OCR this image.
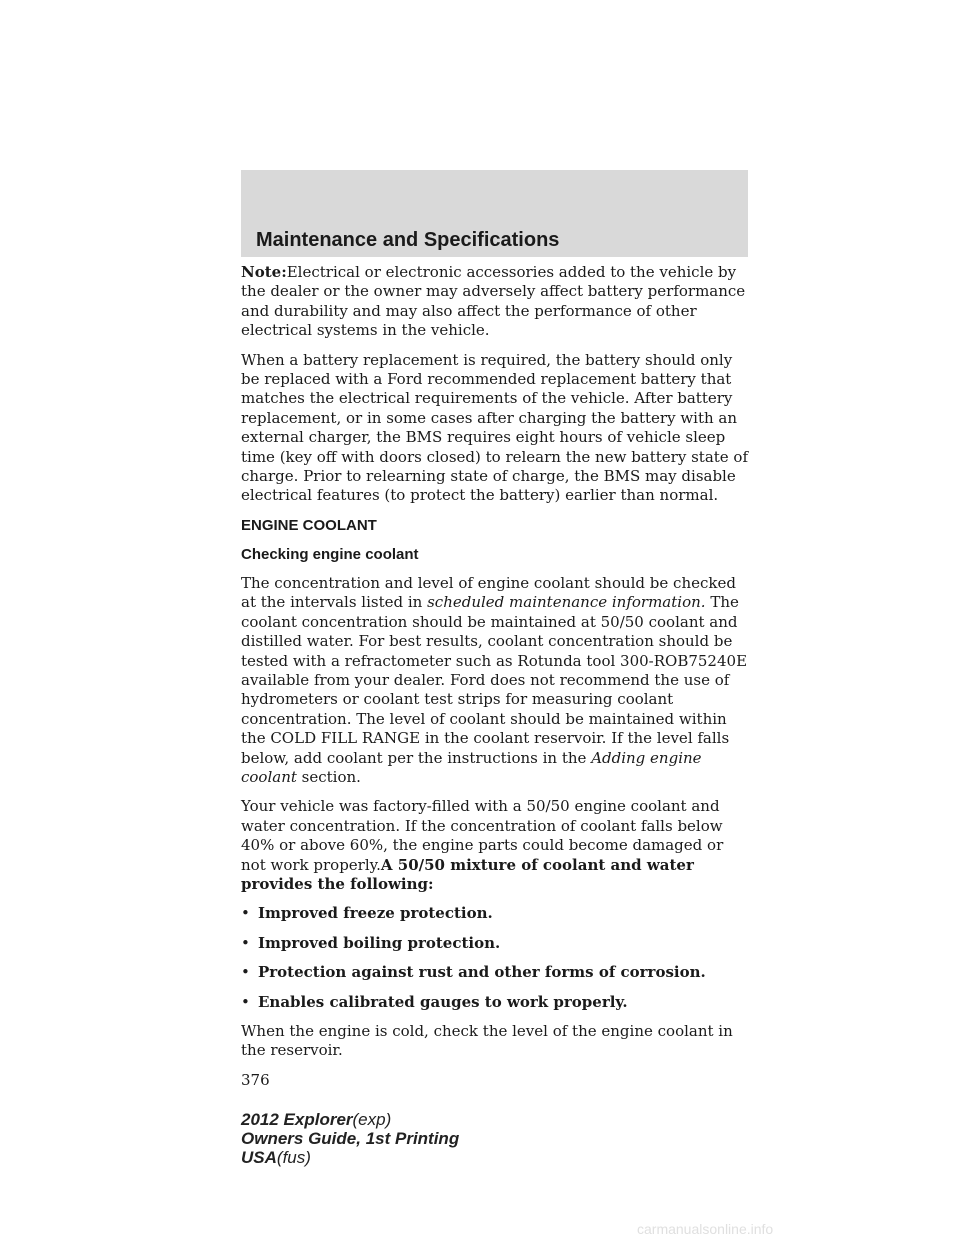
Maintenance and Specifications

Note:Electrical or electronic accessories added to the vehicle by the dealer or the owner may adversely affect battery performance and durability and may also affect the performance of other electrical systems in the vehicle.

When a battery replacement is required, the battery should only be replaced with a Ford recommended replacement battery that matches the electrical requirements of the vehicle. After battery replacement, or in some cases after charging the battery with an external charger, the BMS requires eight hours of vehicle sleep time (key off with doors closed) to relearn the new battery state of charge. Prior to relearning state of charge, the BMS may disable electrical features (to protect the battery) earlier than normal.

ENGINE COOLANT

Checking engine coolant

The concentration and level of engine coolant should be checked at the intervals listed in scheduled maintenance information. The coolant concentration should be maintained at 50/50 coolant and distilled water. For best results, coolant concentration should be tested with a refractometer such as Rotunda tool 300-ROB75240E available from your dealer. Ford does not recommend the use of hydrometers or coolant test strips for measuring coolant concentration. The level of coolant should be maintained within the COLD FILL RANGE in the coolant reservoir. If the level falls below, add coolant per the instructions in the Adding engine coolant section.

Your vehicle was factory-filled with a 50/50 engine coolant and water concentration. If the concentration of coolant falls below 40% or above 60%, the engine parts could become damaged or not work properly.A 50/50 mixture of coolant and water provides the following:

• Improved freeze protection.
• Improved boiling protection.
• Protection against rust and other forms of corrosion.
• Enables calibrated gauges to work properly.

When the engine is cold, check the level of the engine coolant in the reservoir.

376

2012 Explorer(exp)
Owners Guide, 1st Printing
USA(fus)
carmanualsonline.info
